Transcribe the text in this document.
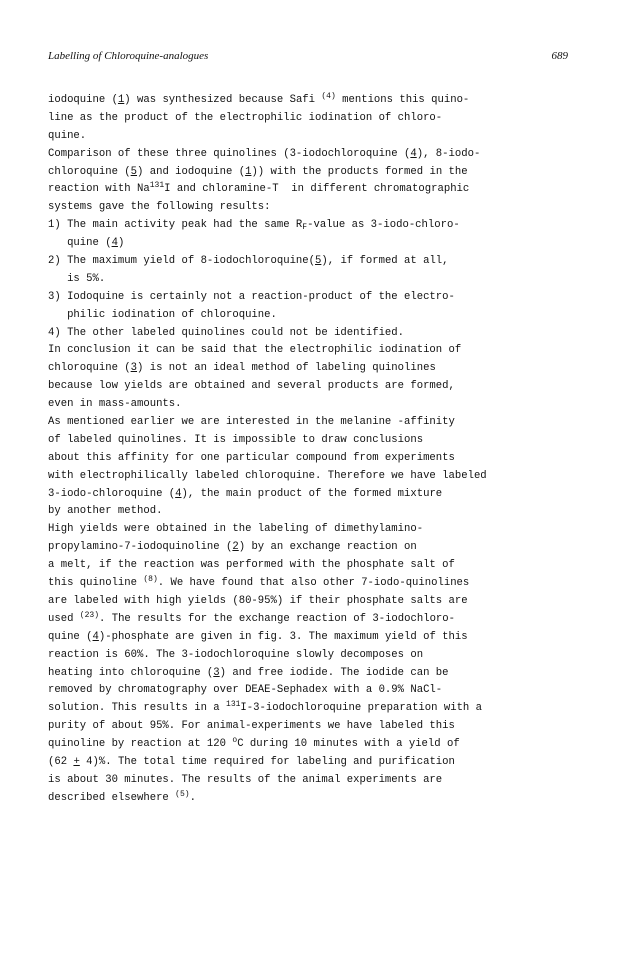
Labelling of Chloroquine-analogues	689
iodoquine (1) was synthesized because Safi $^{(4)}$ mentions this quino-
line as the product of the electrophilic iodination of chloro-
quine.
Comparison of these three quinolines (3-iodochloroquine (4), 8-iodo-
chloroquine (5) and iodoquine (1)) with the products formed in the
reaction with Na$^{131}$I and chloramine-T  in different chromatographic
systems gave the following results:
1) The main activity peak had the same $R_F$-value as 3-iodo-chloro-
quine (4)
2) The maximum yield of 8-iodochloroquine(5), if formed at all,
is 5%.
3) Iodoquine is certainly not a reaction-product of the electro-
philic iodination of chloroquine.
4) The other labeled quinolines could not be identified.
In conclusion it can be said that the electrophilic iodination of
chloroquine (3) is not an ideal method of labeling quinolines
because low yields are obtained and several products are formed,
even in mass-amounts.
As mentioned earlier we are interested in the melanine -affinity
of labeled quinolines. It is impossible to draw conclusions
about this affinity for one particular compound from experiments
with electrophilically labeled chloroquine. Therefore we have labeled
3-iodo-chloroquine (4), the main product of the formed mixture
by another method.
High yields were obtained in the labeling of dimethylamino-
propylamino-7-iodoquinoline (2) by an exchange reaction on
a melt, if the reaction was performed with the phosphate salt of
this quinoline $^{(8)}$. We have found that also other 7-iodo-quinolines
are labeled with high yields (80-95%) if their phosphate salts are
used $^{(23)}$. The results for the exchange reaction of 3-iodochloro-
quine (4)-phosphate are given in fig. 3. The maximum yield of this
reaction is 60%. The 3-iodochloroquine slowly decomposes on
heating into chloroquine (3) and free iodide. The iodide can be
removed by chromatography over DEAE-Sephadex with a 0.9% NaCl-
solution. This results in a $^{131}$I-3-iodochloroquine preparation with a
purity of about 95%. For animal-experiments we have labeled this
quinoline by reaction at 120 $^o$C during 10 minutes with a yield of
(62 + 4)%. The total time required for labeling and purification
is about 30 minutes. The results of the animal experiments are
described elsewhere $^{(5)}$.
